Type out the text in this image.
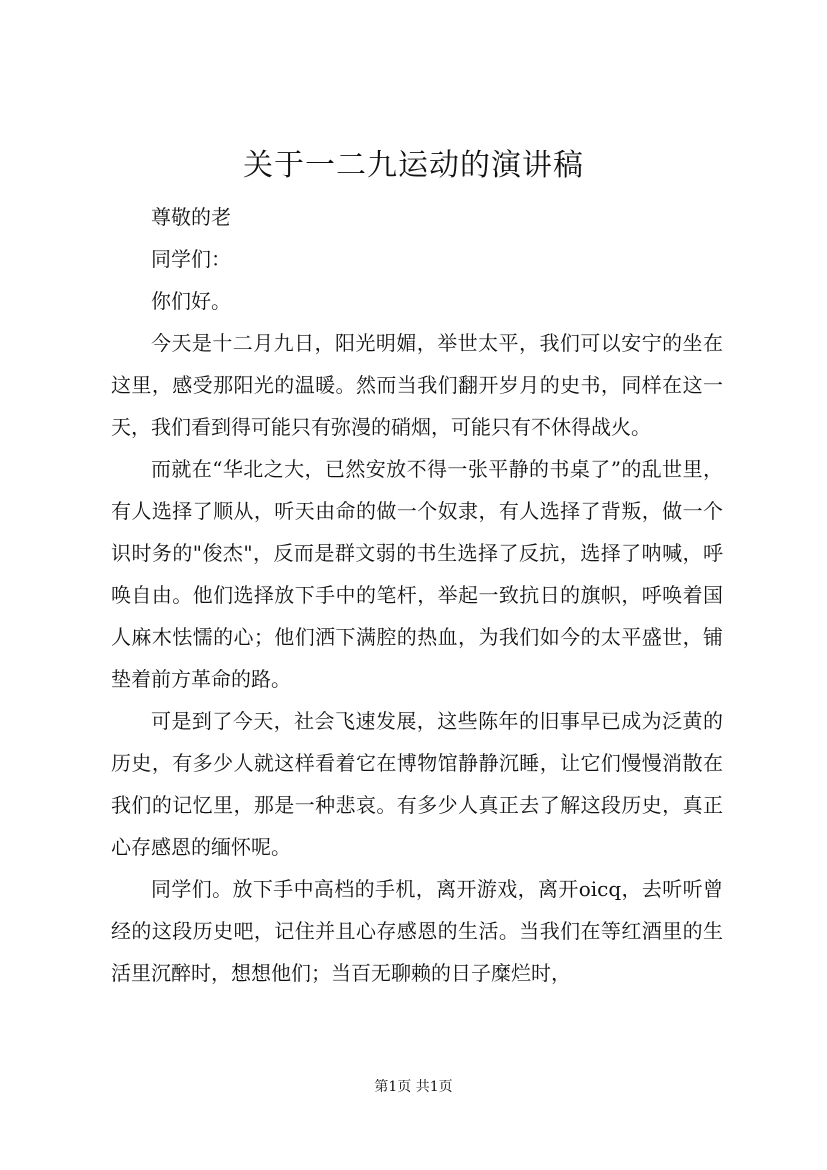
关于一二九运动的演讲稿

尊敬的老

同学们：

你们好。

今天是十二月九日，阳光明媚，举世太平，我们可以安宁的坐在这里，感受那阳光的温暖。然而当我们翻开岁月的史书，同样在这一天，我们看到得可能只有弥漫的硝烟，可能只有不休得战火。

而就在“华北之大，已然安放不得一张平静的书桌了”的乱世里，有人选择了顺从，听天由命的做一个奴隶，有人选择了背叛，做一个识时务的"俊杰"，反而是群文弱的书生选择了反抗，选择了呐喊，呼唤自由。他们选择放下手中的笔杆，举起一致抗日的旗帜，呼唤着国人麻木怯懦的心；他们洒下满腔的热血，为我们如今的太平盛世，铺垫着前方革命的路。

可是到了今天，社会飞速发展，这些陈年的旧事早已成为泛黄的历史，有多少人就这样看着它在博物馆静静沉睡，让它们慢慢消散在我们的记忆里，那是一种悲哀。有多少人真正去了解这段历史，真正心存感恩的缅怀呢。

同学们。放下手中高档的手机，离开游戏，离开oicq，去听听曾经的这段历史吧，记住并且心存感恩的生活。当我们在等红酒里的生活里沉醉时，想想他们；当百无聊赖的日子糜烂时，

第1页 共1页
